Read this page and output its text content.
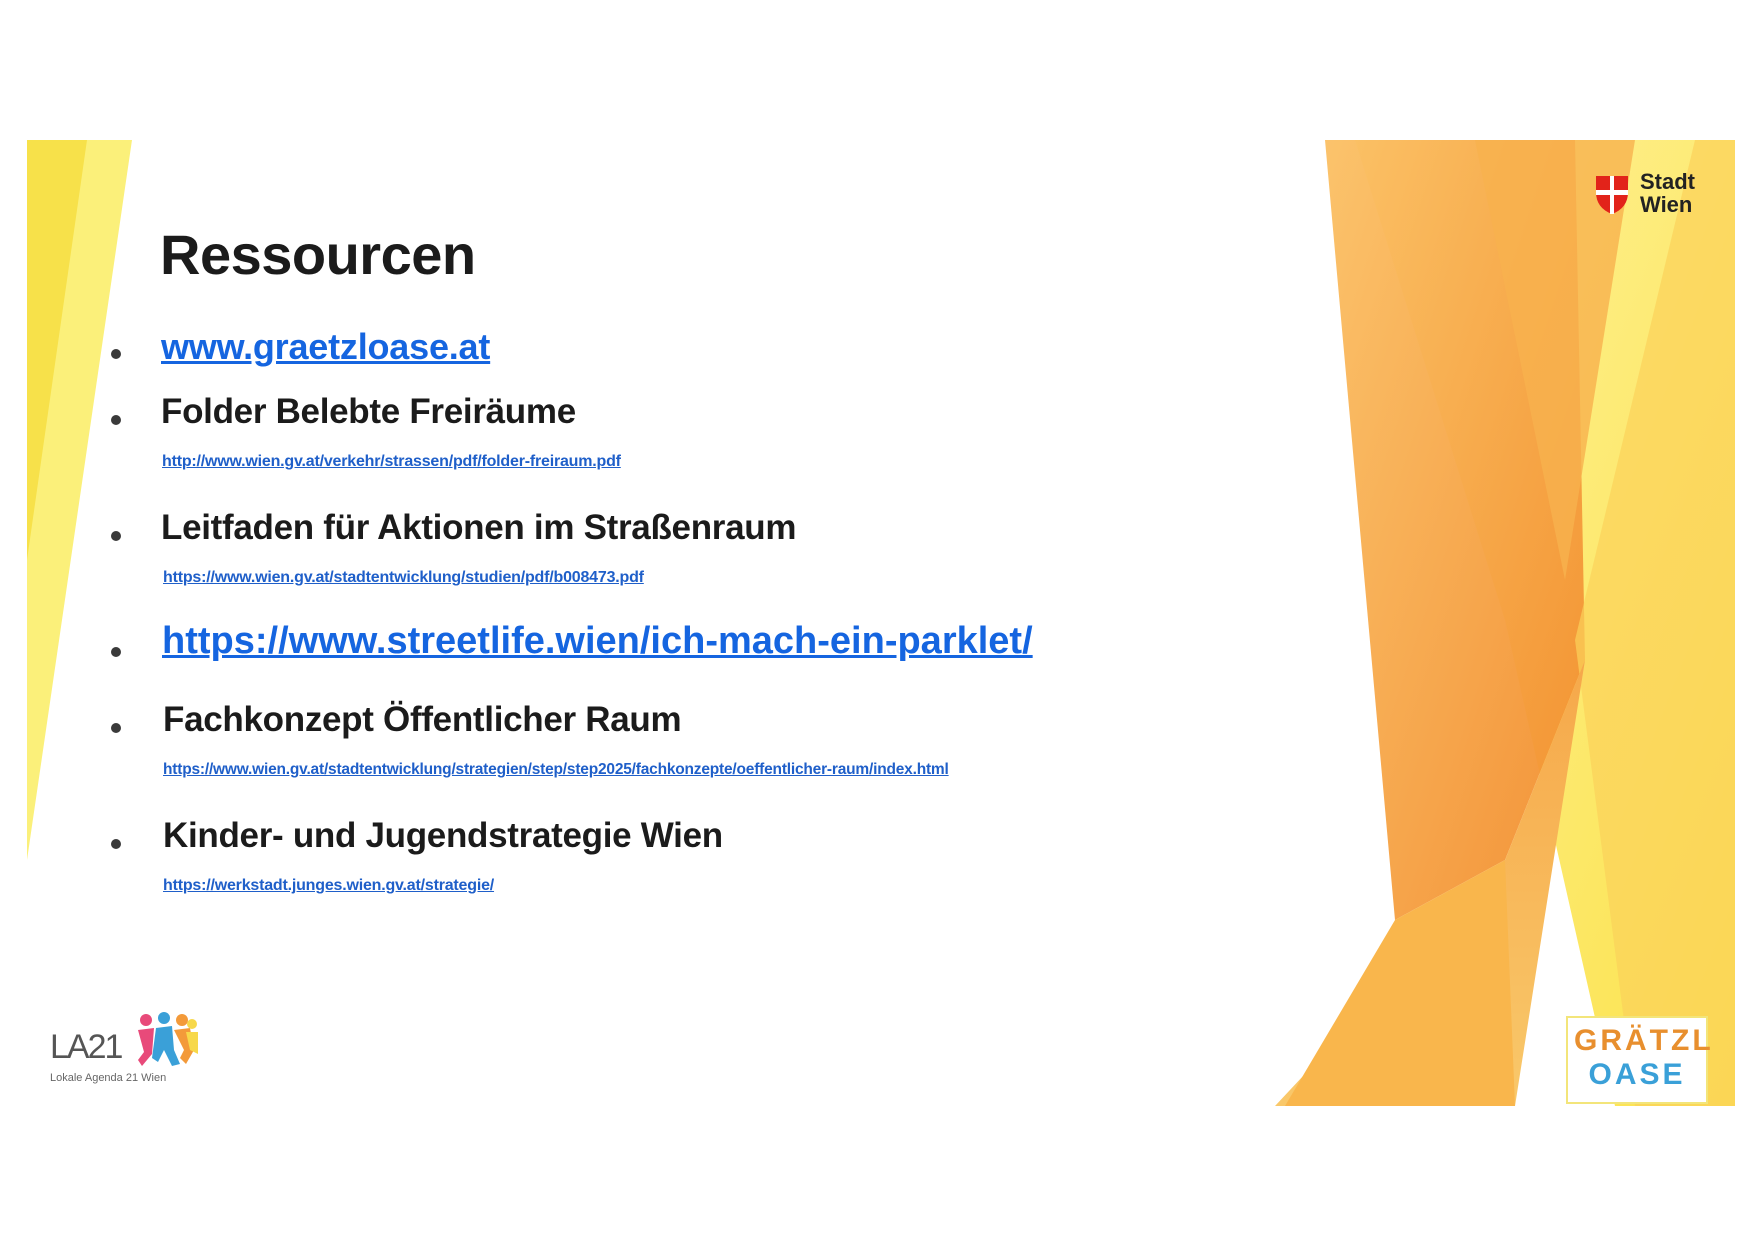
Ressourcen
www.graetzloase.at
Folder Belebte Freiräume
http://www.wien.gv.at/verkehr/strassen/pdf/folder-freiraum.pdf
Leitfaden für Aktionen im Straßenraum
https://www.wien.gv.at/stadtentwicklung/studien/pdf/b008473.pdf
https://www.streetlife.wien/ich-mach-ein-parklet/
Fachkonzept Öffentlicher Raum
https://www.wien.gv.at/stadtentwicklung/strategien/step/step2025/fachkonzepte/oeffentlicher-raum/index.html
Kinder- und Jugendstrategie Wien
https://werkstadt.junges.wien.gv.at/strategie/
Stadt Wien
LA21
Lokale Agenda 21 Wien
GRÄTZL
OASE
